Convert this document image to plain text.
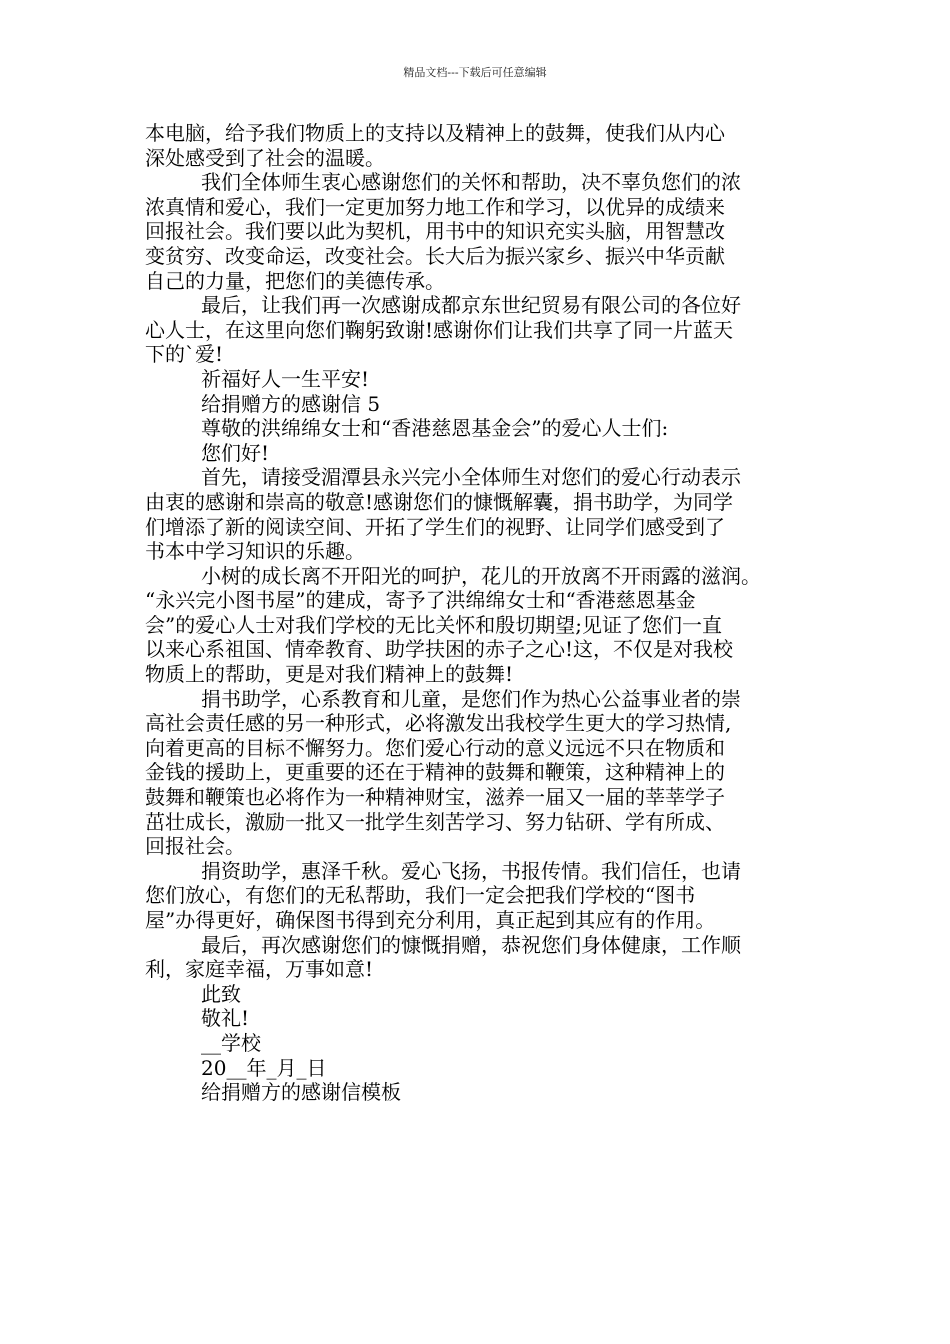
精品文档---下载后可任意编辑
本电脑，给予我们物质上的支持以及精神上的鼓舞，使我们从内心
深处感受到了社会的温暖。
我们全体师生衷心感谢您们的关怀和帮助，决不辜负您们的浓
浓真情和爱心，我们一定更加努力地工作和学习，以优异的成绩来
回报社会。我们要以此为契机，用书中的知识充实头脑，用智慧改
变贫穷、改变命运，改变社会。长大后为振兴家乡、振兴中华贡献
自己的力量，把您们的美德传承。
最后，让我们再一次感谢成都京东世纪贸易有限公司的各位好
心人士，在这里向您们鞠躬致谢!感谢你们让我们共享了同一片蓝天
下的`爱!
祈福好人一生平安!
给捐赠方的感谢信 5
尊敬的洪绵绵女士和“香港慈恩基金会”的爱心人士们:
您们好!
首先，请接受湄潭县永兴完小全体师生对您们的爱心行动表示
由衷的感谢和崇高的敬意!感谢您们的慷慨解囊，捐书助学，为同学
们增添了新的阅读空间、开拓了学生们的视野、让同学们感受到了
书本中学习知识的乐趣。
小树的成长离不开阳光的呵护，花儿的开放离不开雨露的滋润。
“永兴完小图书屋”的建成，寄予了洪绵绵女士和“香港慈恩基金
会”的爱心人士对我们学校的无比关怀和殷切期望;见证了您们一直
以来心系祖国、情牵教育、助学扶困的赤子之心!这，不仅是对我校
物质上的帮助，更是对我们精神上的鼓舞!
捐书助学，心系教育和儿童，是您们作为热心公益事业者的崇
高社会责任感的另一种形式，必将激发出我校学生更大的学习热情,
向着更高的目标不懈努力。您们爱心行动的意义远远不只在物质和
金钱的援助上，更重要的还在于精神的鼓舞和鞭策，这种精神上的
鼓舞和鞭策也必将作为一种精神财宝，滋养一届又一届的莘莘学子
茁壮成长，激励一批又一批学生刻苦学习、努力钻研、学有所成、
回报社会。
捐资助学，惠泽千秋。爱心飞扬，书报传情。我们信任，也请
您们放心，有您们的无私帮助，我们一定会把我们学校的“图书
屋”办得更好，确保图书得到充分利用，真正起到其应有的作用。
最后，再次感谢您们的慷慨捐赠，恭祝您们身体健康，工作顺
利，家庭幸福，万事如意!
此致
敬礼!
__学校
20__年_月_日
给捐赠方的感谢信模板
